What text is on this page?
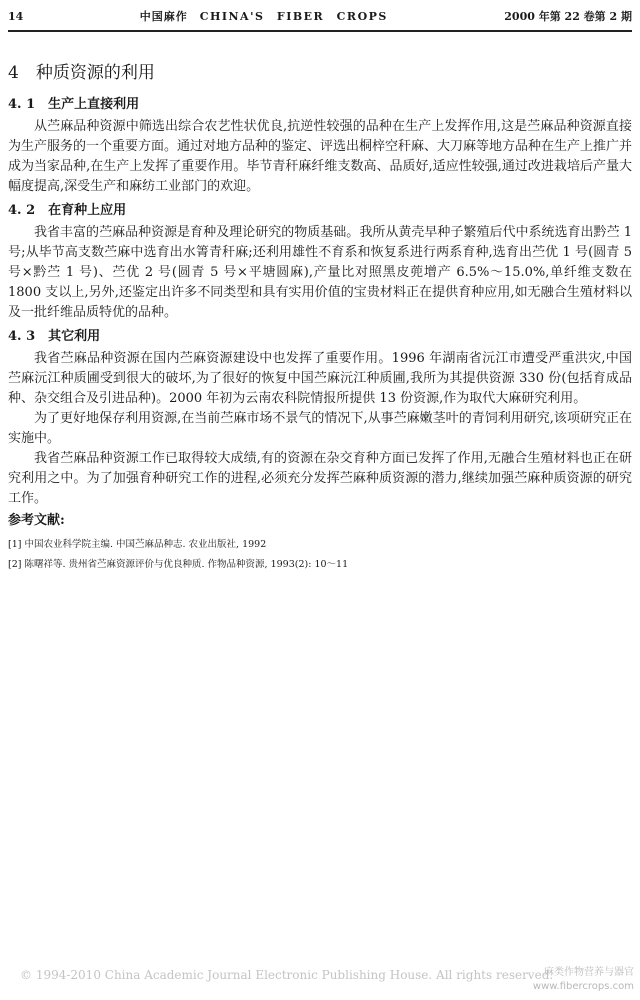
14	中国麻作 CHINA'S　FIBER　CROPS	2000 年第 22 卷第 2 期
4　种质资源的利用
4. 1　生产上直接利用

从苎麻品种资源中筛选出综合农艺性状优良,抗逆性较强的品种在生产上发挥作用,这是苎麻品种资源直接为生产服务的一个重要方面。通过对地方品种的鉴定、评选出桐梓空秆麻、大刀麻等地方品种在生产上推广并成为当家品种,在生产上发挥了重要作用。毕节青秆麻纤维支数高、品质好,适应性较强,通过改进栽培后产量大幅度提高,深受生产和麻纺工业部门的欢迎。

4. 2　在育种上应用

我省丰富的苎麻品种资源是育种及理论研究的物质基础。我所从黄壳早种子繁殖后代中系统选育出黔苎 1 号;从毕节高支数苎麻中选育出水箐青秆麻;还利用雄性不育系和恢复系进行两系育种,选育出苎优 1 号(圆青 5 号×黔苎 1 号)、苎优 2 号(圆青 5 号×平塘圆麻),产量比对照黑皮蔸增产 6.5%～15.0%,单纤维支数在 1800 支以上,另外,还鉴定出许多不同类型和具有实用价值的宝贵材料正在提供育种应用,如无融合生殖材料以及一批纤维品质特优的品种。

4. 3　其它利用

我省苎麻品种资源在国内苎麻资源建设中也发挥了重要作用。1996 年湖南省沅江市遭受严重洪灾,中国苎麻沅江种质圃受到很大的破坏,为了很好的恢复中国苎麻沅江种质圃,我所为其提供资源 330 份(包括育成品种、杂交组合及引进品种)。2000 年初为云南农科院情报所提供 13 份资源,作为取代大麻研究利用。

为了更好地保存利用资源,在当前苎麻市场不景气的情况下,从事苎麻嫩茎叶的青饲利用研究,该项研究正在实施中。

我省苎麻品种资源工作已取得较大成绩,有的资源在杂交育种方面已发挥了作用,无融合生殖材料也正在研究利用之中。为了加强育种研究工作的进程,必须充分发挥苎麻种质资源的潜力,继续加强苎麻种质资源的研究工作。

参考文献:

[1] 中国农业科学院主编. 中国苎麻品种志. 农业出版社, 1992

[2] 陈曙祥等. 贵州省苎麻资源评价与优良种质. 作物品种资源, 1993(2): 10～11

© 1994-2010 China Academic Journal Electronic Publishing House. All rights reserved.
麻类作物营养与器官
www.fibercrops.com
